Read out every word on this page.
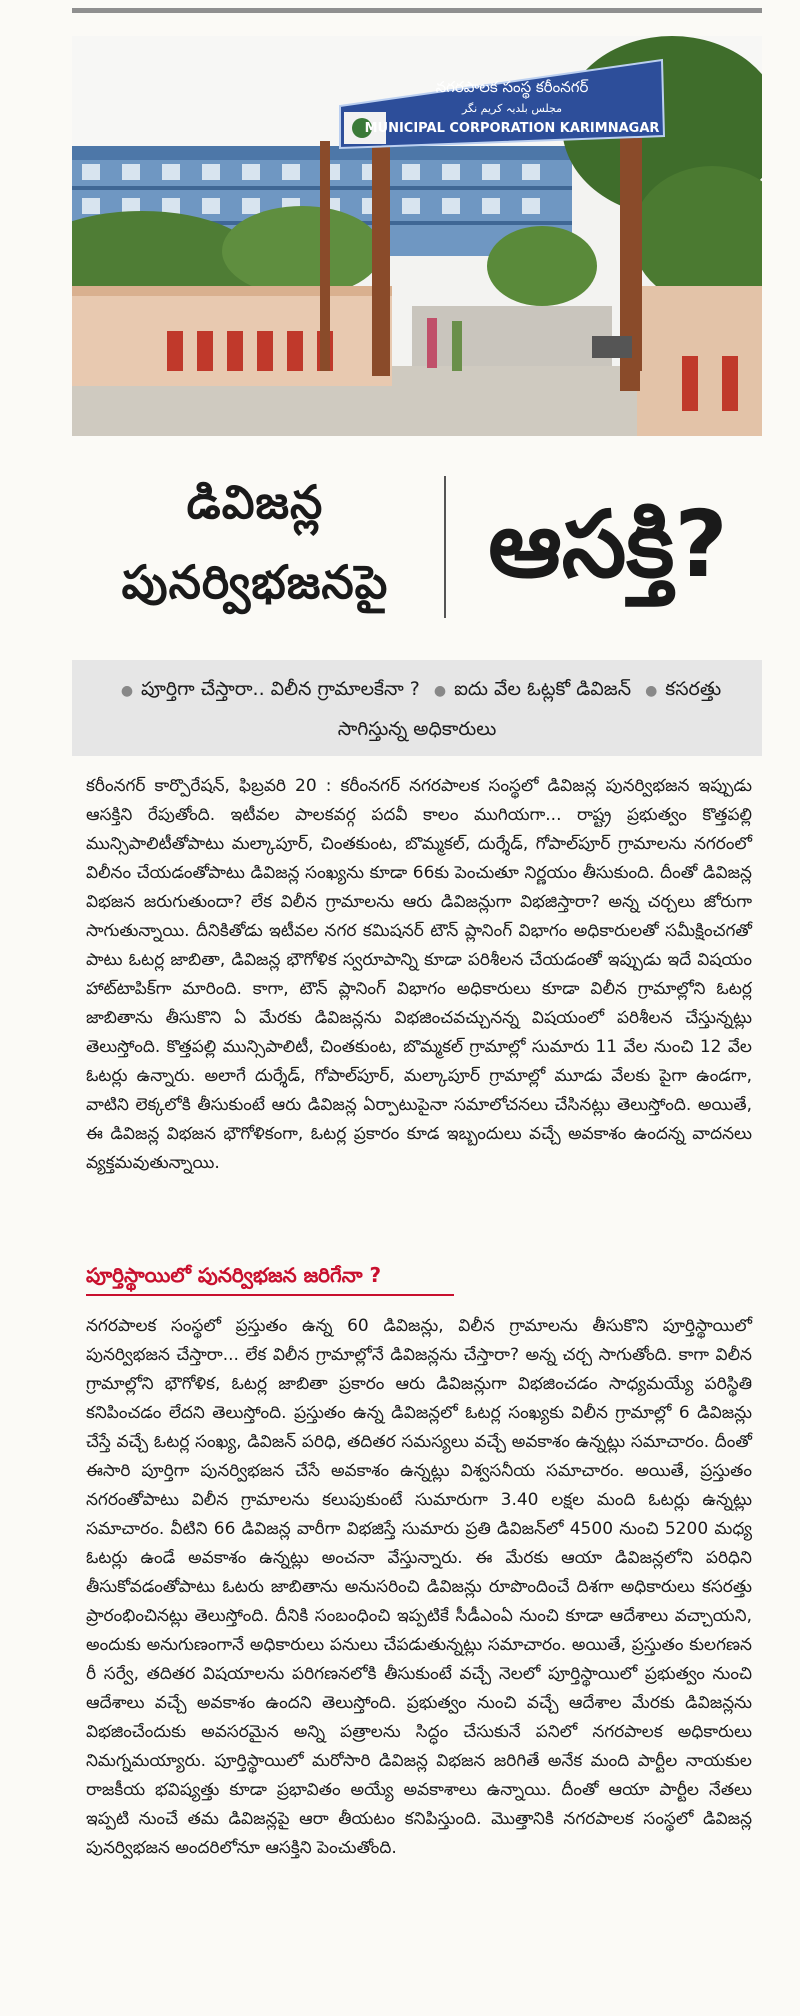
నగరపాలక సంస్థ కరీంనగర్
مجلس بلدیہ کریم نگر
MUNICIPAL CORPORATION KARIMNAGAR
డివిజన్ల
పునర్విభజనపై	ఆసక్తి?
● పూర్తిగా చేస్తారా.. విలీన గ్రామాలకేనా ? ● ఐదు వేల ఓట్లకో డివిజన్ ● కసరత్తు సాగిస్తున్న అధికారులు
కరీంనగర్ కార్పొరేషన్, ఫిబ్రవరి 20 : కరీంనగర్ నగరపాలక సంస్థలో డివిజన్ల పునర్విభజన ఇప్పుడు ఆసక్తిని రేపుతోంది. ఇటీవల పాలకవర్గ పదవీ కాలం ముగియగా... రాష్ట్ర ప్రభుత్వం కొత్తపల్లి మున్సిపాలిటీతోపాటు మల్కాపూర్, చింతకుంట, బొమ్మకల్, దుర్శేడ్, గోపాల్‌పూర్ గ్రామాలను నగరంలో విలీనం చేయడంతోపాటు డివిజన్ల సంఖ్యను కూడా 66కు పెంచుతూ నిర్ణయం తీసుకుంది. దీంతో డివిజన్ల విభజన జరుగుతుందా? లేక విలీన గ్రామాలను ఆరు డివిజన్లుగా విభజిస్తారా? అన్న చర్చలు జోరుగా సాగుతున్నాయి. దీనికితోడు ఇటీవల నగర కమిషనర్ టౌన్ ప్లానింగ్ విభాగం అధికారులతో సమీక్షించగతో పాటు ఓటర్ల జాబితా, డివిజన్ల భౌగోళిక స్వరూపాన్ని కూడా పరిశీలన చేయడంతో ఇప్పుడు ఇదే విషయం హాట్‌టాపిక్‌గా మారింది. కాగా, టౌన్ ప్లానింగ్ విభాగం అధికారులు కూడా విలీన గ్రామాల్లోని ఓటర్ల జాబితాను తీసుకొని ఏ మేరకు డివిజన్లను విభజించవచ్చునన్న విషయంలో పరిశీలన చేస్తున్నట్లు తెలుస్తోంది. కొత్తపల్లి మున్సిపాలిటీ, చింతకుంట, బొమ్మకల్ గ్రామాల్లో సుమారు 11 వేల నుంచి 12 వేల ఓటర్లు ఉన్నారు. అలాగే దుర్శేడ్, గోపాల్‌పూర్, మల్కాపూర్ గ్రామాల్లో మూడు వేలకు పైగా ఉండగా, వాటిని లెక్కలోకి తీసుకుంటే ఆరు డివిజన్ల ఏర్పాటుపైనా సమాలోచనలు చేసినట్లు తెలుస్తోంది. అయితే, ఈ డివిజన్ల విభజన భౌగోళికంగా, ఓటర్ల ప్రకారం కూడ ఇబ్బందులు వచ్చే అవకాశం ఉందన్న వాదనలు వ్యక్తమవుతున్నాయి.
పూర్తిస్థాయిలో పునర్విభజన జరిగేనా ?
నగరపాలక సంస్థలో ప్రస్తుతం ఉన్న 60 డివిజన్లు, విలీన గ్రామాలను తీసుకొని పూర్తిస్థాయిలో పునర్విభజన చేస్తారా... లేక విలీన గ్రామాల్లోనే డివిజన్లను చేస్తారా? అన్న చర్చ సాగుతోంది. కాగా విలీన గ్రామాల్లోని భౌగోళిక, ఓటర్ల జాబితా ప్రకారం ఆరు డివిజన్లుగా విభజించడం సాధ్యమయ్యే పరిస్థితి కనిపించడం లేదని తెలుస్తోంది. ప్రస్తుతం ఉన్న డివిజన్లలో ఓటర్ల సంఖ్యకు విలీన గ్రామాల్లో 6 డివిజన్లు చేస్తే వచ్చే ఓటర్ల సంఖ్య, డివిజన్ పరిధి, తదితర సమస్యలు వచ్చే అవకాశం ఉన్నట్లు సమాచారం. దీంతో ఈసారి పూర్తిగా పునర్విభజన చేసే అవకాశం ఉన్నట్లు విశ్వసనీయ సమాచారం. అయితే, ప్రస్తుతం నగరంతోపాటు విలీన గ్రామాలను కలుపుకుంటే సుమారుగా 3.40 లక్షల మంది ఓటర్లు ఉన్నట్లు సమాచారం. వీటిని 66 డివిజన్ల వారీగా విభజిస్తే సుమారు ప్రతి డివిజన్‌లో 4500 నుంచి 5200 మధ్య ఓటర్లు ఉండే అవకాశం ఉన్నట్లు అంచనా వేస్తున్నారు. ఈ మేరకు ఆయా డివిజన్లలోని పరిధిని తీసుకోవడంతోపాటు ఓటరు జాబితాను అనుసరించి డివిజన్లు రూపొందించే దిశగా అధికారులు కసరత్తు ప్రారంభించినట్లు తెలుస్తోంది. దీనికి సంబంధించి ఇప్పటికే సీడీఎంఏ నుంచి కూడా ఆదేశాలు వచ్చాయని, అందుకు అనుగుణంగానే అధికారులు పనులు చేపడుతున్నట్లు సమాచారం. అయితే, ప్రస్తుతం కులగణన రీ సర్వే, తదితర విషయాలను పరిగణనలోకి తీసుకుంటే వచ్చే నెలలో పూర్తిస్థాయిలో ప్రభుత్వం నుంచి ఆదేశాలు వచ్చే అవకాశం ఉందని తెలుస్తోంది. ప్రభుత్వం నుంచి వచ్చే ఆదేశాల మేరకు డివిజన్లను విభజించేందుకు అవసరమైన అన్ని పత్రాలను సిద్ధం చేసుకునే పనిలో నగరపాలక అధికారులు నిమగ్నమయ్యారు. పూర్తిస్థాయిలో మరోసారి డివిజన్ల విభజన జరిగితే అనేక మంది పార్టీల నాయకుల రాజకీయ భవిష్యత్తు కూడా ప్రభావితం అయ్యే అవకాశాలు ఉన్నాయి. దీంతో ఆయా పార్టీల నేతలు ఇప్పటి నుంచే తమ డివిజన్లపై ఆరా తీయటం కనిపిస్తుంది. మొత్తానికి నగరపాలక సంస్థలో డివిజన్ల పునర్విభజన అందరిలోనూ ఆసక్తిని పెంచుతోంది.
